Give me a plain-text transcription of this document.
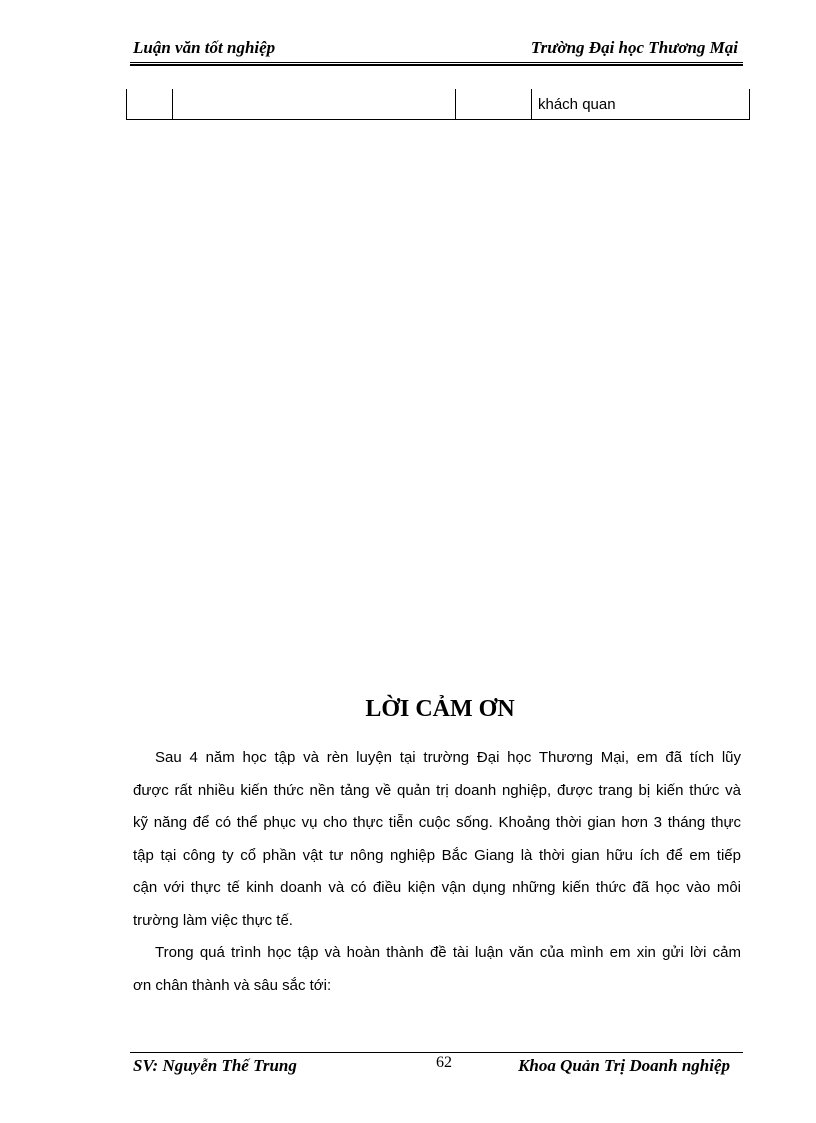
Luận văn tốt nghiệp	Trường Đại học Thương Mại
			khách quan
LỜI CẢM ƠN
Sau 4 năm học tập và rèn luyện tại trường Đại học Thương Mại, em đã tích lũy
được rất nhiều kiến thức nền tảng về quản trị doanh nghiệp, được trang bị kiến thức và
kỹ năng để có thể phục vụ cho thực tiễn cuộc sống. Khoảng thời gian hơn 3 tháng thực
tập tại công ty cổ phần vật tư nông nghiệp Bắc Giang là thời gian hữu ích để em tiếp
cận với thực tế kinh doanh và có điều kiện vận dụng những kiến thức đã học vào môi
trường làm việc thực tế.
Trong quá trình học tập và hoàn thành đề tài luận văn của mình em xin gửi lời cảm
ơn chân thành và sâu sắc tới:
SV: Nguyễn Thế Trung	62	Khoa Quản Trị Doanh nghiệp
